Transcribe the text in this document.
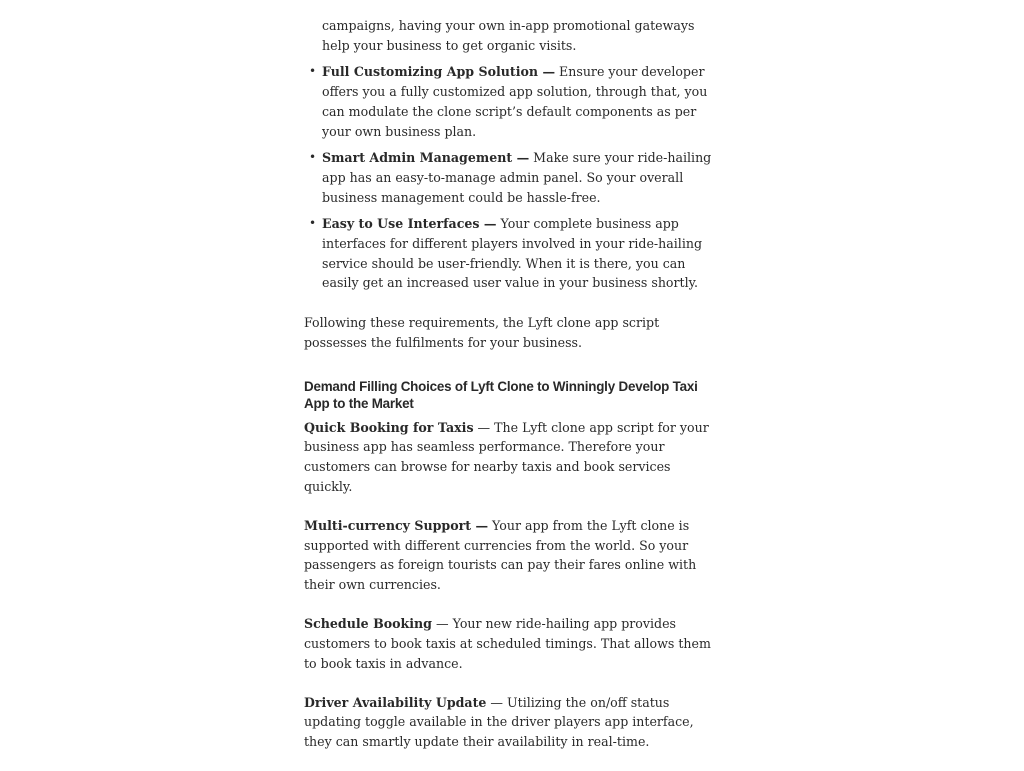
campaigns, having your own in-app promotional gateways help your business to get organic visits.
• Full Customizing App Solution — Ensure your developer offers you a fully customized app solution, through that, you can modulate the clone script’s default components as per your own business plan.
• Smart Admin Management — Make sure your ride-hailing app has an easy-to-manage admin panel. So your overall business management could be hassle-free.
• Easy to Use Interfaces — Your complete business app interfaces for different players involved in your ride-hailing service should be user-friendly. When it is there, you can easily get an increased user value in your business shortly.

Following these requirements, the Lyft clone app script possesses the fulfilments for your business.

Demand Filling Choices of Lyft Clone to Winningly Develop Taxi App to the Market

Quick Booking for Taxis — The Lyft clone app script for your business app has seamless performance. Therefore your customers can browse for nearby taxis and book services quickly.

Multi-currency Support — Your app from the Lyft clone is supported with different currencies from the world. So your passengers as foreign tourists can pay their fares online with their own currencies.

Schedule Booking — Your new ride-hailing app provides customers to book taxis at scheduled timings. That allows them to book taxis in advance.

Driver Availability Update — Utilizing the on/off status updating toggle available in the driver players app interface, they can smartly update their availability in real-time.
